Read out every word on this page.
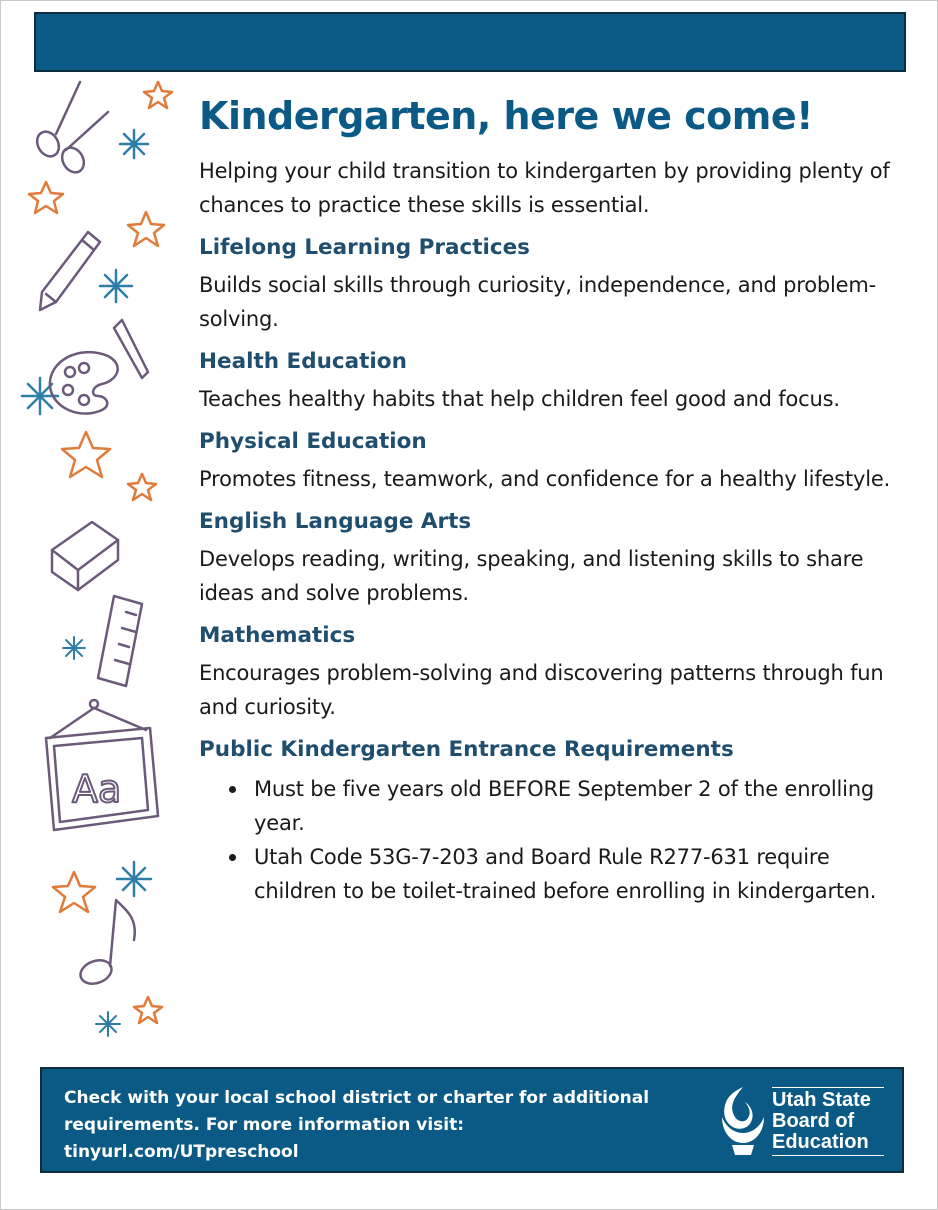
Aa
Kindergarten, here we come!

Helping your child transition to kindergarten by providing plenty of chances to practice these skills is essential.

Lifelong Learning Practices

Builds social skills through curiosity, independence, and problem-solving.

Health Education

Teaches healthy habits that help children feel good and focus.

Physical Education

Promotes fitness, teamwork, and confidence for a healthy lifestyle.

English Language Arts

Develops reading, writing, speaking, and listening skills to share ideas and solve problems.

Mathematics

Encourages problem-solving and discovering patterns through fun and curiosity.

Public Kindergarten Entrance Requirements
Must be five years old BEFORE September 2 of the enrolling year.
Utah Code 53G-7-203 and Board Rule R277-631 require children to be toilet-trained before enrolling in kindergarten.

Check with your local school district or charter for additional
requirements. For more information visit:
tinyurl.com/UTpreschool

Utah State
Board of
Education
